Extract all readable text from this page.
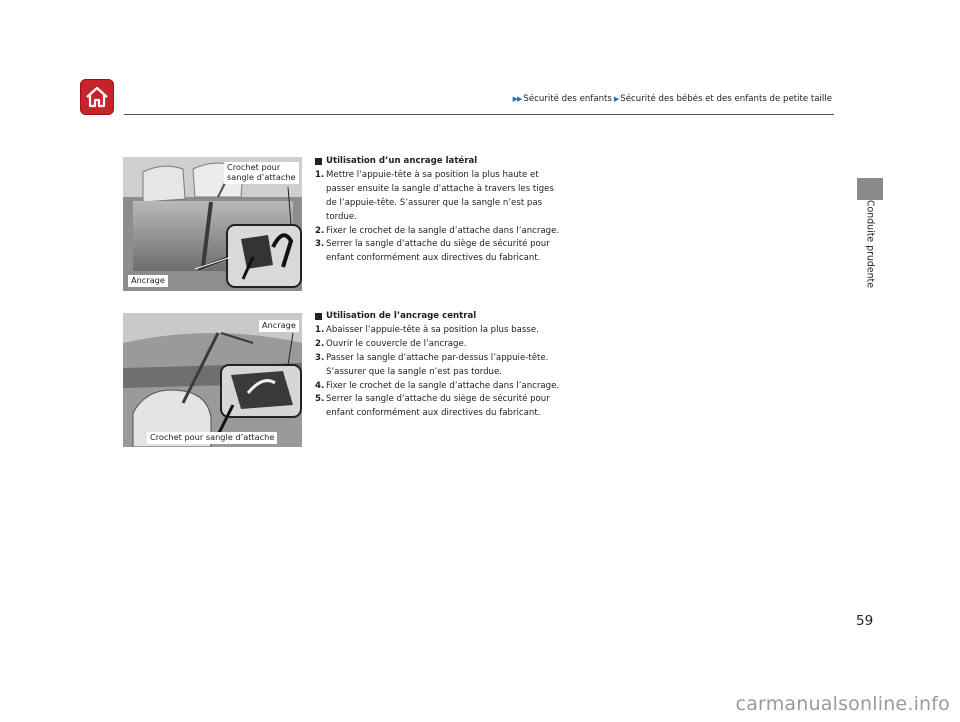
▶▶ Sécurité des enfants ▶ Sécurité des bébés et des enfants de petite taille
Conduite prudente
Crochet pour
sangle d’attache
Ancrage
Ancrage
Crochet pour sangle d’attache
Utilisation d’un ancrage latéral
1. Mettre l’appuie-tête à sa position la plus haute et passer ensuite la sangle d’attache à travers les tiges de l’appuie-tête. S’assurer que la sangle n’est pas tordue.
2. Fixer le crochet de la sangle d’attache dans l’ancrage.
3. Serrer la sangle d’attache du siège de sécurité pour enfant conformément aux directives du fabricant.
Utilisation de l’ancrage central
1. Abaisser l’appuie-tête à sa position la plus basse.
2. Ouvrir le couvercle de l’ancrage.
3. Passer la sangle d’attache par-dessus l’appuie-tête. S’assurer que la sangle n’est pas tordue.
4. Fixer le crochet de la sangle d’attache dans l’ancrage.
5. Serrer la sangle d’attache du siège de sécurité pour enfant conformément aux directives du fabricant.
59
carmanualsonline.info
